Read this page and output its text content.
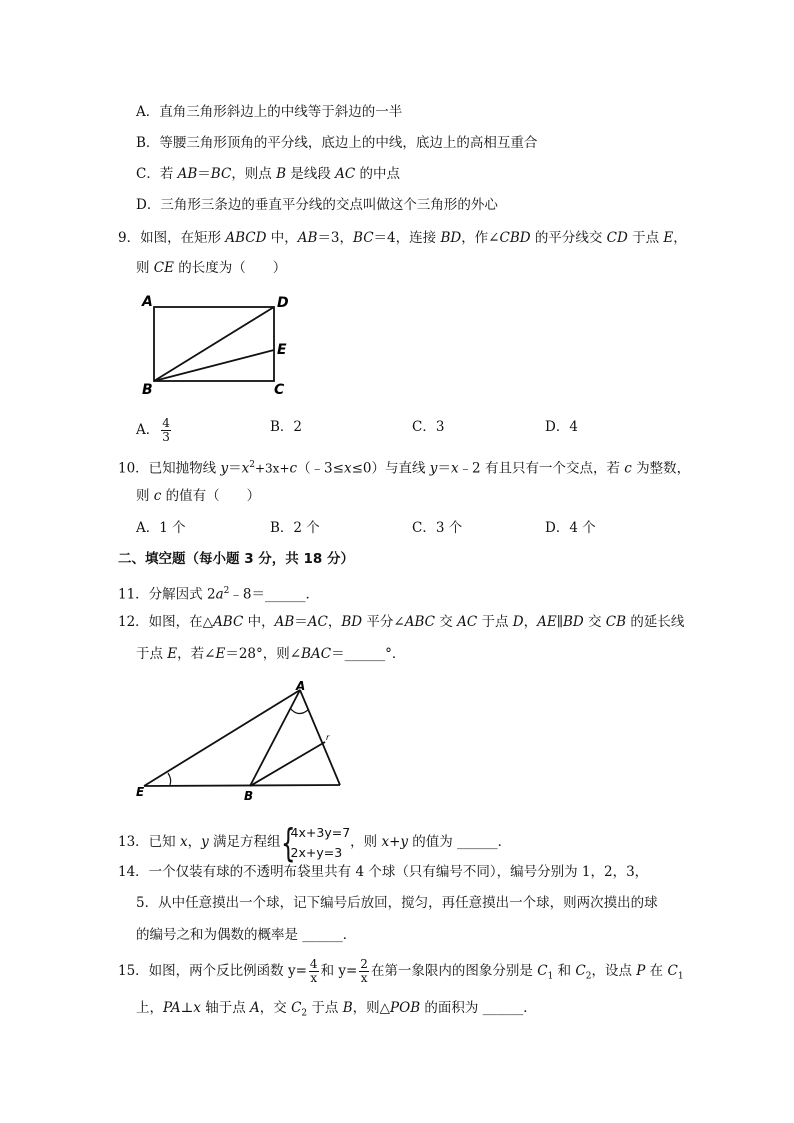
A．直角三角形斜边上的中线等于斜边的一半
B．等腰三角形顶角的平分线，底边上的中线，底边上的高相互重合
C．若 AB＝BC，则点 B 是线段 AC 的中点
D．三角形三条边的垂直平分线的交点叫做这个三角形的外心
9．如图，在矩形 ABCD 中，AB＝3，BC＝4，连接 BD，作∠CBD 的平分线交 CD 于点 E，
则 CE 的长度为（　　）
A	D
E
B	C
A． $\frac{4}{3}$	B．2	C．3	D．4
10．已知抛物线 $y=x^2+3x+c(﹣3\le x\le 0)$与直线 y＝x﹣2 有且只有一个交点，若 c 为整数，
则 c 的值有（　　）
A．1 个	B．2 个	C．3 个	D．4 个
二、填空题（每小题 3 分，共 18 分）
11．分解因式 $2a^2﹣8=\_\_\_\_\_\_$．
12．如图，在△ABC 中，AB＝AC，BD 平分∠ABC 交 AC 于点 D，AE∥BD 交 CB 的延长线
于点 E，若∠E＝28°，则∠BAC＝______°．
A
E	B
r
13．已知 x，y 满足方程组 {
4x+3y=7
2x+y=3
，则 x+y 的值为 ______．
14．一个仅装有球的不透明布袋里共有 4 个球（只有编号不同），编号分别为 1，2，3，
5．从中任意摸出一个球，记下编号后放回，搅匀，再任意摸出一个球，则两次摸出的球
的编号之和为偶数的概率是 ______．
15．如图，两个反比例函数 $y= \frac{4}{x}$ 和 $y= \frac{2}{x}$ 在第一象限内的图象分别是 $C_1$ 和 $C_2$，设点 P 在 $C_1$
上，PA⊥x 轴于点 A，交 $C_2$ 于点 B，则△POB 的面积为 ______．
